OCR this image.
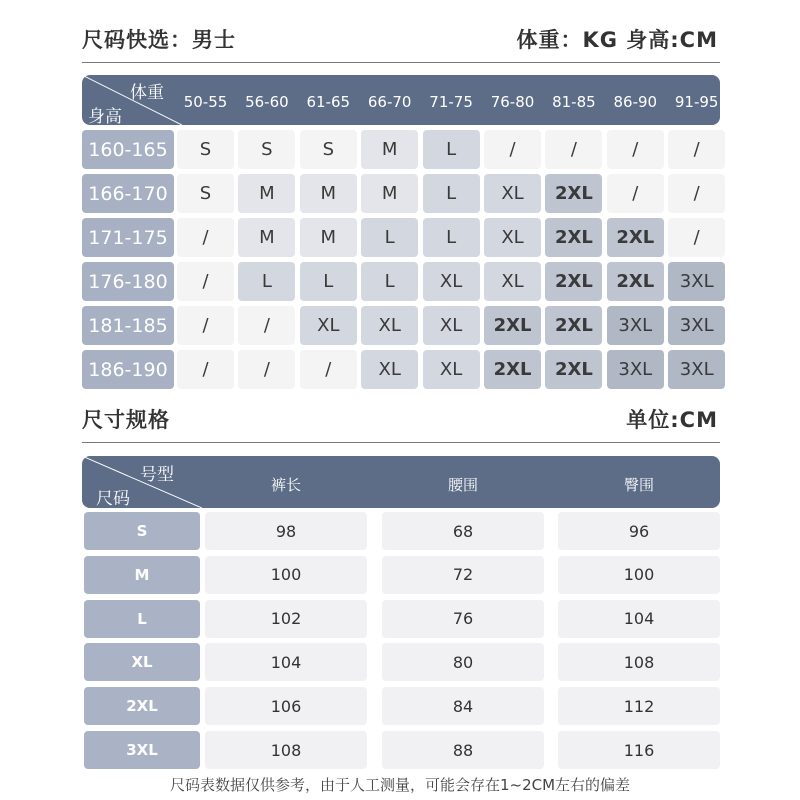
尺码快选：男士	体重：KG 身高:CM
体重
身高
50-55	56-60	61-65	66-70	71-75	76-80	81-85	86-90	91-95
160-165	S	S	S	M	L	/	/	/	/
166-170	S	M	M	M	L	XL	2XL	/	/
171-175	/	M	M	L	L	XL	2XL	2XL	/
176-180	/	L	L	L	XL	XL	2XL	2XL	3XL
181-185	/	/	XL	XL	XL	2XL	2XL	3XL	3XL
186-190	/	/	/	XL	XL	2XL	2XL	3XL	3XL
尺寸规格	单位:CM
号型
尺码
裤长	腰围	臀围
S	98	68	96
M	100	72	100
L	102	76	104
XL	104	80	108
2XL	106	84	112
3XL	108	88	116
尺码表数据仅供参考，由于人工测量，可能会存在1~2CM左右的偏差
